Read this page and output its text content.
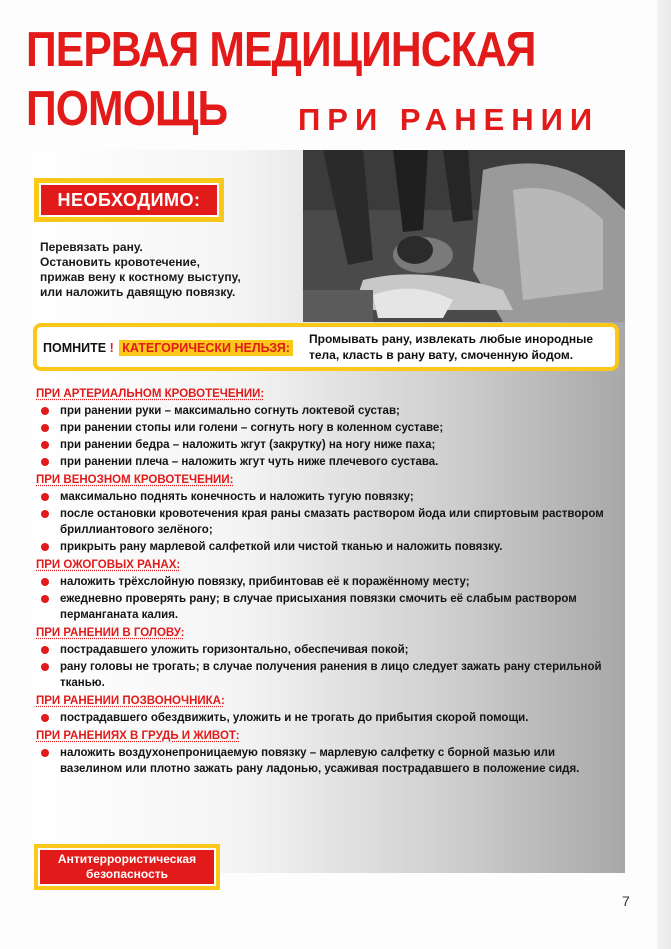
ПЕРВАЯ МЕДИЦИНСКАЯ
ПОМОЩЬ ПРИ РАНЕНИИ
НЕОБХОДИМО:
Перевязать рану.
Остановить кровотечение,
прижав вену к костному выступу,
или наложить давящую повязку.
ПОМНИТЕ ! КАТЕГОРИЧЕСКИ НЕЛЬЗЯ:
Промывать рану, извлекать любые инородные тела, класть в рану вату, смоченную йодом.
ПРИ АРТЕРИАЛЬНОМ КРОВОТЕЧЕНИИ:
при ранении руки – максимально согнуть локтевой сустав;
при ранении стопы или голени – согнуть ногу в коленном суставе;
при ранении бедра – наложить жгут (закрутку) на ногу ниже паха;
при ранении плеча – наложить жгут чуть ниже плечевого сустава.
ПРИ ВЕНОЗНОМ КРОВОТЕЧЕНИИ:
максимально поднять конечность и наложить тугую повязку;
после остановки кровотечения края раны смазать раствором йода или спиртовым раствором бриллиантового зелёного;
прикрыть рану марлевой салфеткой или чистой тканью и наложить повязку.
ПРИ ОЖОГОВЫХ РАНАХ:
наложить трёхслойную повязку, прибинтовав её к поражённому месту;
ежедневно проверять рану; в случае присыхания повязки смочить её слабым раствором перманганата калия.
ПРИ РАНЕНИИ В ГОЛОВУ:
пострадавшего уложить горизонтально, обеспечивая покой;
рану головы не трогать; в случае получения ранения в лицо следует зажать рану стерильной тканью.
ПРИ РАНЕНИИ ПОЗВОНОЧНИКА:
пострадавшего обездвижить, уложить и не трогать до прибытия скорой помощи.
ПРИ РАНЕНИЯХ В ГРУДЬ И ЖИВОТ:
наложить воздухонепроницаемую повязку – марлевую салфетку с борной мазью или вазелином или плотно зажать рану ладонью, усаживая пострадавшего в положение сидя.
Антитеррористическая
безопасность
7
